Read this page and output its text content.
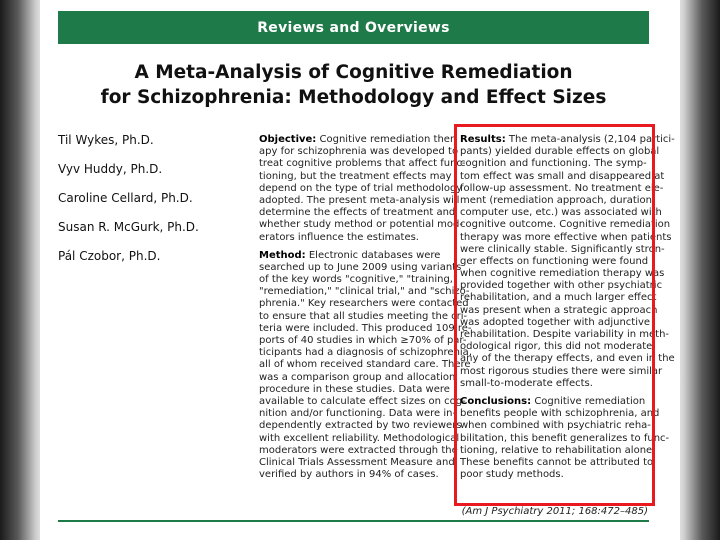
Reviews and Overviews
A Meta-Analysis of Cognitive Remediation
for Schizophrenia: Methodology and Effect Sizes
Til Wykes, Ph.D.
Vyv Huddy, Ph.D.
Caroline Cellard, Ph.D.
Susan R. McGurk, Ph.D.
Pál Czobor, Ph.D.
Objective: Cognitive remediation ther-
apy for schizophrenia was developed to
treat cognitive problems that affect func-
tioning, but the treatment effects may
depend on the type of trial methodology
adopted. The present meta-analysis will
determine the effects of treatment and
whether study method or potential mod-
erators influence the estimates.
Method: Electronic databases were
searched up to June 2009 using variants
of the key words "cognitive," "training,"
"remediation," "clinical trial," and "schizo-
phrenia." Key researchers were contacted
to ensure that all studies meeting the cri-
teria were included. This produced 109 re-
ports of 40 studies in which ≥70% of par-
ticipants had a diagnosis of schizophrenia,
all of whom received standard care. There
was a comparison group and allocation
procedure in these studies. Data were
available to calculate effect sizes on cog-
nition and/or functioning. Data were in-
dependently extracted by two reviewers
with excellent reliability. Methodological
moderators were extracted through the
Clinical Trials Assessment Measure and
verified by authors in 94% of cases.
Results: The meta-analysis (2,104 partici-
pants) yielded durable effects on global
cognition and functioning. The symp-
tom effect was small and disappeared at
follow-up assessment. No treatment ele-
ment (remediation approach, duration,
computer use, etc.) was associated with
cognitive outcome. Cognitive remediation
therapy was more effective when patients
were clinically stable. Significantly stron-
ger effects on functioning were found
when cognitive remediation therapy was
provided together with other psychiatric
rehabilitation, and a much larger effect
was present when a strategic approach
was adopted together with adjunctive
rehabilitation. Despite variability in meth-
odological rigor, this did not moderate
any of the therapy effects, and even in the
most rigorous studies there were similar
small-to-moderate effects.
Conclusions: Cognitive remediation
benefits people with schizophrenia, and
when combined with psychiatric reha-
bilitation, this benefit generalizes to func-
tioning, relative to rehabilitation alone.
These benefits cannot be attributed to
poor study methods.
(Am J Psychiatry 2011; 168:472–485)
